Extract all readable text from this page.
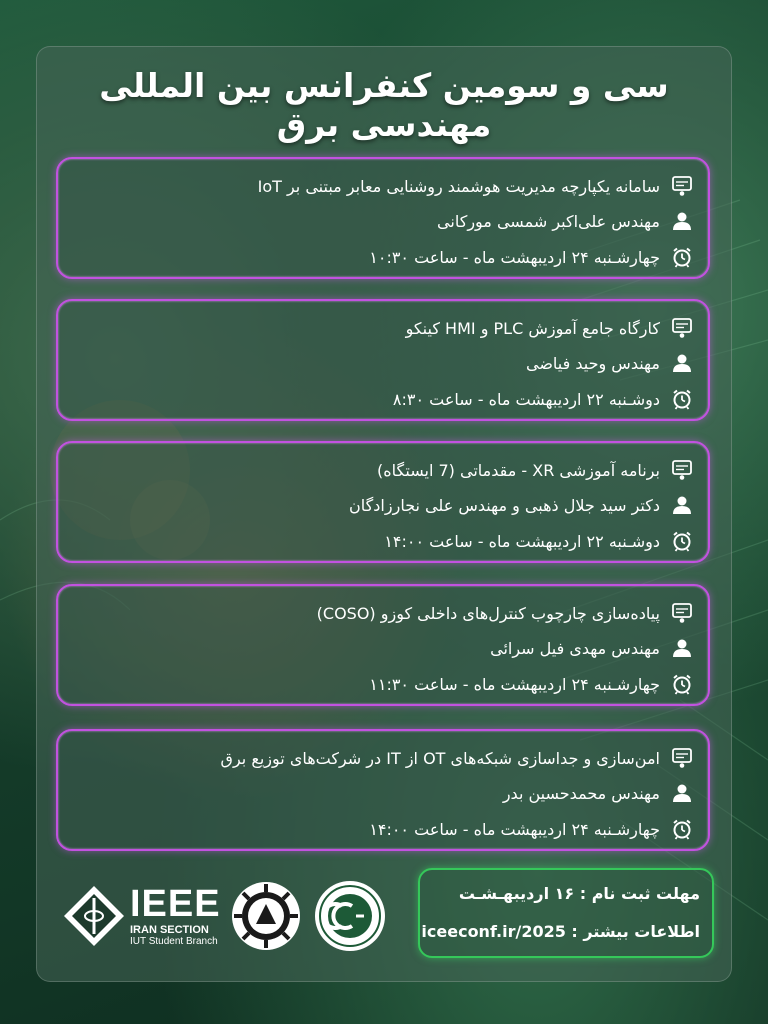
سی و سومین کنفرانس بین المللی مهندسی برق
سامانه یکپارچه مدیریت هوشمند روشنایی معابر مبتنی بر IoT
مهندس علی‌اکبر شمسی مورکانی
چهارشـنبه ۲۴ اردیبهشت ماه - ساعت ۱۰:۳۰
کارگاه جامع آموزش PLC و HMI کینکو
مهندس وحید فیاضی
دوشـنبه ۲۲ اردیبهشت ماه - ساعت ۸:۳۰
برنامه آموزشی XR - مقدماتی (7 ایستگاه)
دکتر سید جلال ذهبی و مهندس علی نجارزادگان
دوشـنبه ۲۲ اردیبهشت ماه - ساعت ۱۴:۰۰
پیاده‌سازی چارچوب کنترل‌های داخلی کوزو (COSO)
مهندس مهدی فیل سرائی
چهارشـنبه ۲۴ اردیبهشت ماه - ساعت ۱۱:۳۰
امن‌سازی و جداسازی شبکه‌های OT از IT در شرکت‌های توزیع برق
مهندس محمدحسین بدر
چهارشـنبه ۲۴ اردیبهشت ماه - ساعت ۱۴:۰۰
مهلت ثبت نام : ۱۶ اردیبهـشـت
اطلاعات بیشتر : iceeconf.ir/2025
IEEE
IRAN SECTION
IUT Student Branch
